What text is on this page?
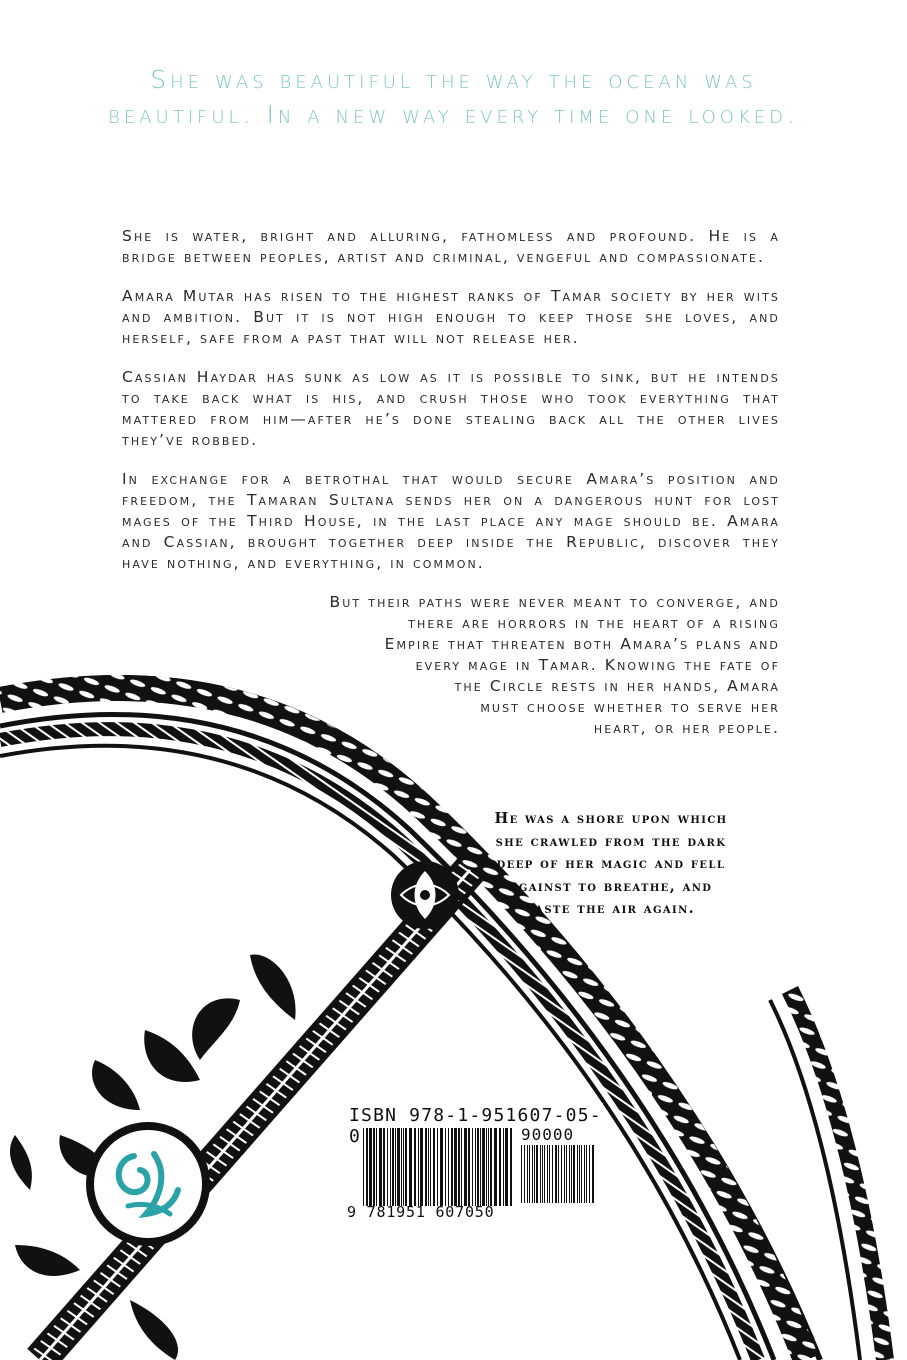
She was beautiful the way the ocean was beautiful. In a new way every time one looked.

She is water, bright and alluring, fathomless and profound. He is a bridge between peoples, artist and criminal, vengeful and compassionate.

Amara Mutar has risen to the highest ranks of Tamar society by her wits and ambition. But it is not high enough to keep those she loves, and herself, safe from a past that will not release her.

Cassian Haydar has sunk as low as it is possible to sink, but he intends to take back what is his, and crush those who took everything that mattered from him—after he’s done stealing back all the other lives they’ve robbed.

In exchange for a betrothal that would secure Amara’s position and freedom, the Tamaran Sultana sends her on a dangerous hunt for lost mages of the Third House, in the last place any mage should be. Amara and Cassian, brought together deep inside the Republic, discover they have nothing, and everything, in common.

But their paths were never meant to converge, and
there are horrors in the heart of a rising
Empire that threaten both Amara’s plans and
every mage in Tamar. Knowing the fate of
the Circle rests in her hands, Amara
must choose whether to serve her
heart, or her people.
He was a shore upon which
she crawled from the dark
deep of her magic and fell
against to breathe, and
taste the air again.
ISBN 978-1-951607-05-0	90000
9 781951 607050
